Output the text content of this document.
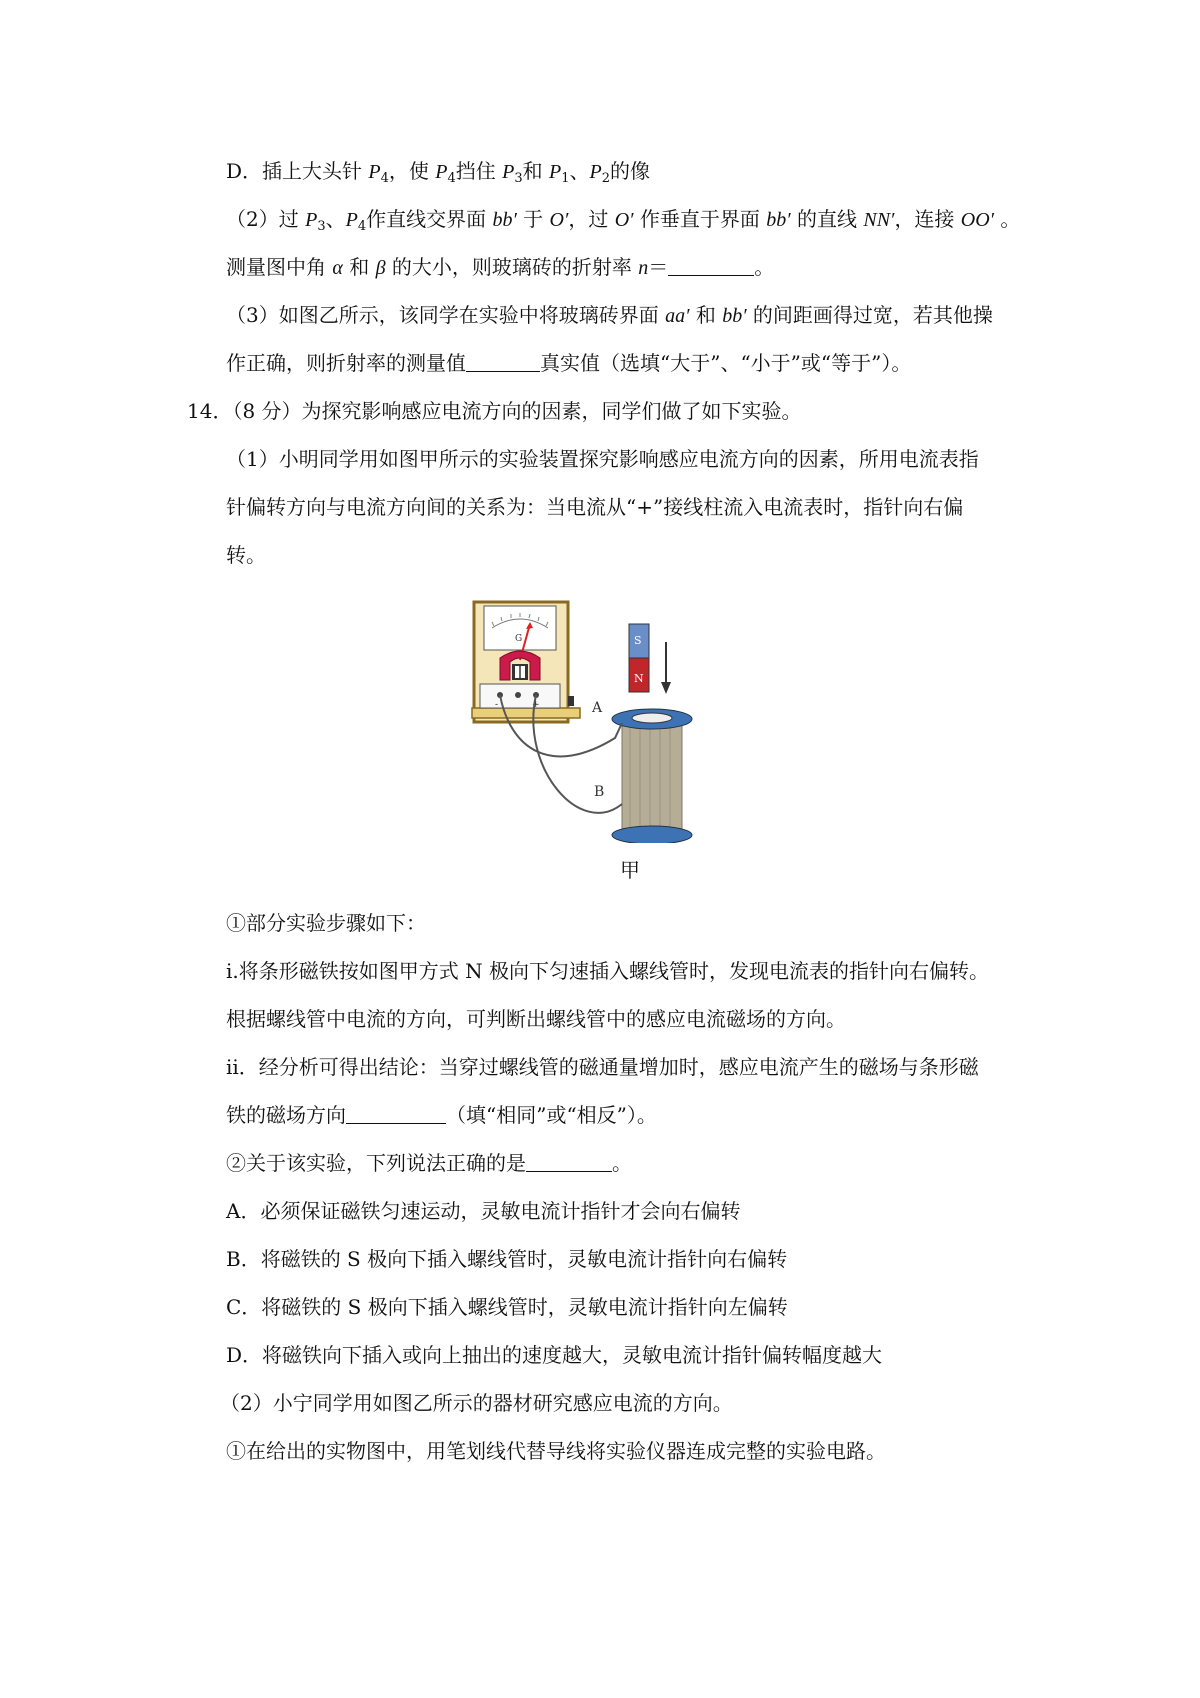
D．插上大头针 $P_4$，使 $P_4$挡住 $P_3$和 $P_1$、$P_2$的像
（2）过 $P_3$、$P_4$作直线交界面 bb′ 于 O′，过 O′ 作垂直于界面 bb′ 的直线 NN′，连接 OO′ 。
测量图中角 α 和 β 的大小，则玻璃砖的折射率 n＝	。
（3）如图乙所示，该同学在实验中将玻璃砖界面 aa′ 和 bb′ 的间距画得过宽，若其他操
作正确，则折射率的测量值	真实值（选填“大于”、“小于”或“等于”）。
14．（8 分）为探究影响感应电流方向的因素，同学们做了如下实验。
（1）小明同学用如图甲所示的实验装置探究影响感应电流方向的因素，所用电流表指
针偏转方向与电流方向间的关系为：当电流从“+”接线柱流入电流表时，指针向右偏
转。
G
-	+
S
N
A
B
甲
①部分实验步骤如下：
i.将条形磁铁按如图甲方式 N 极向下匀速插入螺线管时，发现电流表的指针向右偏转。
根据螺线管中电流的方向，可判断出螺线管中的感应电流磁场的方向。
ii．经分析可得出结论：当穿过螺线管的磁通量增加时，感应电流产生的磁场与条形磁
铁的磁场方向	（填“相同”或“相反”）。
②关于该实验，下列说法正确的是	。
A．必须保证磁铁匀速运动，灵敏电流计指针才会向右偏转
B．将磁铁的 S 极向下插入螺线管时，灵敏电流计指针向右偏转
C．将磁铁的 S 极向下插入螺线管时，灵敏电流计指针向左偏转
D．将磁铁向下插入或向上抽出的速度越大，灵敏电流计指针偏转幅度越大
（2）小宁同学用如图乙所示的器材研究感应电流的方向。
①在给出的实物图中，用笔划线代替导线将实验仪器连成完整的实验电路。
